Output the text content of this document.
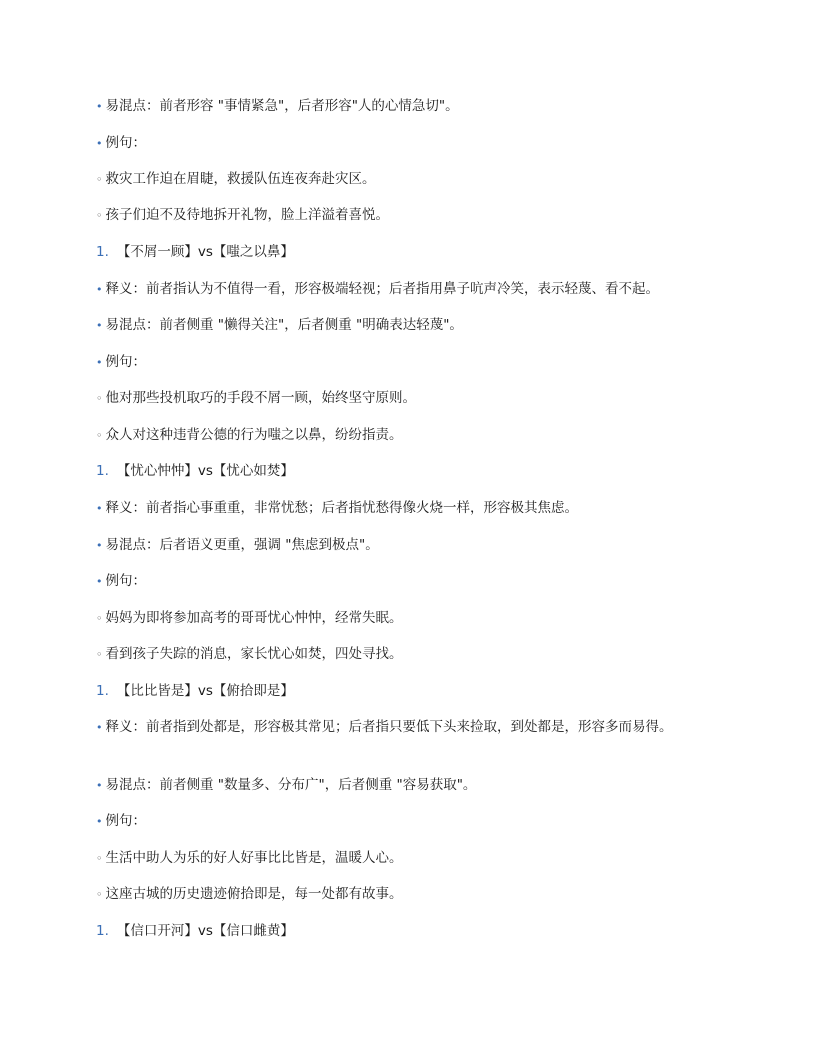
• 易混点：前者形容 "事情紧急"，后者形容"人的心情急切"。
• 例句：
◦ 救灾工作迫在眉睫，救援队伍连夜奔赴灾区。
◦ 孩子们迫不及待地拆开礼物，脸上洋溢着喜悦。
1. 【不屑一顾】vs【嗤之以鼻】
• 释义：前者指认为不值得一看，形容极端轻视；后者指用鼻子吭声冷笑，表示轻蔑、看不起。
• 易混点：前者侧重 "懒得关注"，后者侧重 "明确表达轻蔑"。
• 例句：
◦ 他对那些投机取巧的手段不屑一顾，始终坚守原则。
◦ 众人对这种违背公德的行为嗤之以鼻，纷纷指责。
1. 【忧心忡忡】vs【忧心如焚】
• 释义：前者指心事重重，非常忧愁；后者指忧愁得像火烧一样，形容极其焦虑。
• 易混点：后者语义更重，强调 "焦虑到极点"。
• 例句：
◦ 妈妈为即将参加高考的哥哥忧心忡忡，经常失眠。
◦ 看到孩子失踪的消息，家长忧心如焚，四处寻找。
1. 【比比皆是】vs【俯拾即是】
• 释义：前者指到处都是，形容极其常见；后者指只要低下头来捡取，到处都是，形容多而易得。
• 易混点：前者侧重 "数量多、分布广"，后者侧重 "容易获取"。
• 例句：
◦ 生活中助人为乐的好人好事比比皆是，温暖人心。
◦ 这座古城的历史遗迹俯拾即是，每一处都有故事。
1. 【信口开河】vs【信口雌黄】
